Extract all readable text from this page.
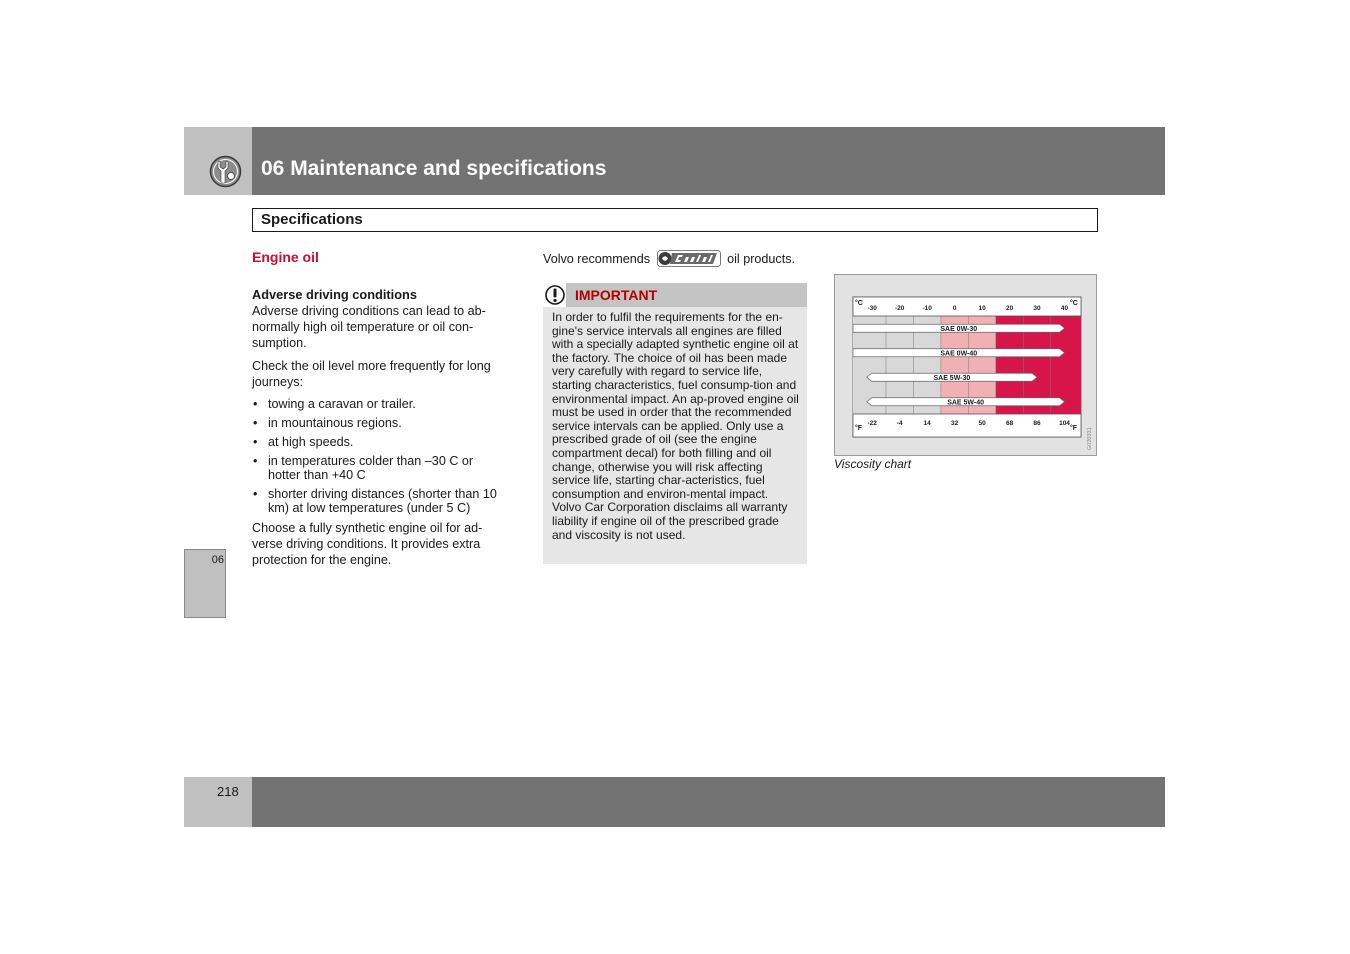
06 Maintenance and specifications
Specifications
06
Engine oil
Adverse driving conditions

Adverse driving conditions can lead to ab-normally high oil temperature or oil con-sumption.

Check the oil level more frequently for long journeys:

• towing a caravan or trailer.
• in mountainous regions.
• at high speeds.
• in temperatures colder than –30 C or hotter than +40 C
• shorter driving distances (shorter than 10 km) at low temperatures (under 5 C)

Choose a fully synthetic engine oil for ad-verse driving conditions. It provides extra protection for the engine.

Volvo recommends	oil products.
IMPORTANT
In order to fulfil the requirements for the en-gine's service intervals all engines are filled with a specially adapted synthetic engine oil at the factory. The choice of oil has been made very carefully with regard to service life, starting characteristics, fuel consump-tion and environmental impact. An ap-proved engine oil must be used in order that the recommended service intervals can be applied. Only use a prescribed grade of oil (see the engine compartment decal) for both filling and oil change, otherwise you will risk affecting service life, starting char-acteristics, fuel consumption and environ-mental impact. Volvo Car Corporation disclaims all warranty liability if engine oil of the prescribed grade and viscosity is not used.
°C	°C
°F	°F
-30	-20	-10	0	10	20	30	40
-22	-4	14	32	50	68	86	104
SAE 0W-30
SAE 0W-40
SAE 5W-30
SAE 5W-40
G020331
Viscosity chart
218
